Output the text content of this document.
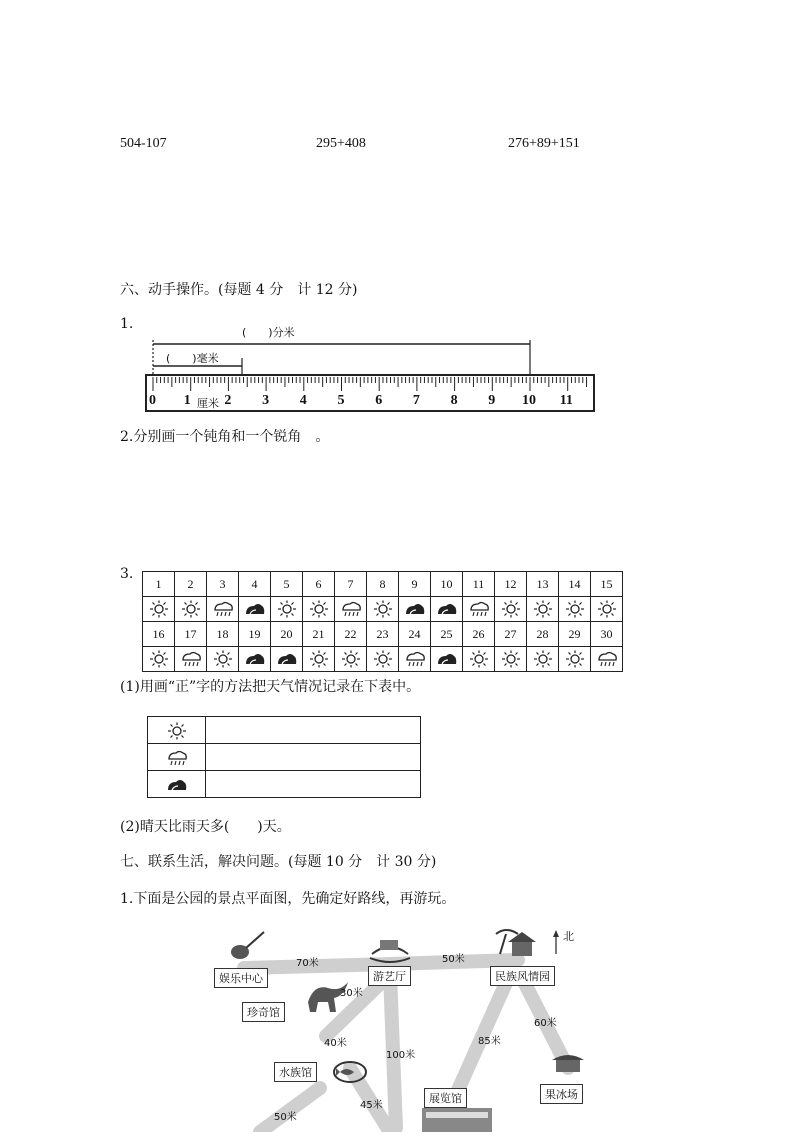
504-107	295+408	276+89+151
六、动手操作。(每题 4 分　计 12 分)
1.
(　　)分米
(　　)毫米
0 1 2 3 4 5 6 7 8 9 10 11
厘米
2.分别画一个钝角和一个锐角　。
3.
1	2	3	4	5	6	7	8	9	10	11	12	13	14	15

16	17	18	19	20	21	22	23	24	25	26	27	28	29	30

(1)用画“正”字的方法把天气情况记录在下表中。

(2)晴天比雨天多(　　)天。
七、联系生活，解决问题。(每题 10 分　计 30 分)
1.下面是公园的景点平面图，先确定好路线，再游玩。
娱乐中心	游艺厅	民族风情园
珍奇馆
水族馆
展览馆	果冰场
北
70米	50米
30米
40米
100米
85米
60米
45米
50米
